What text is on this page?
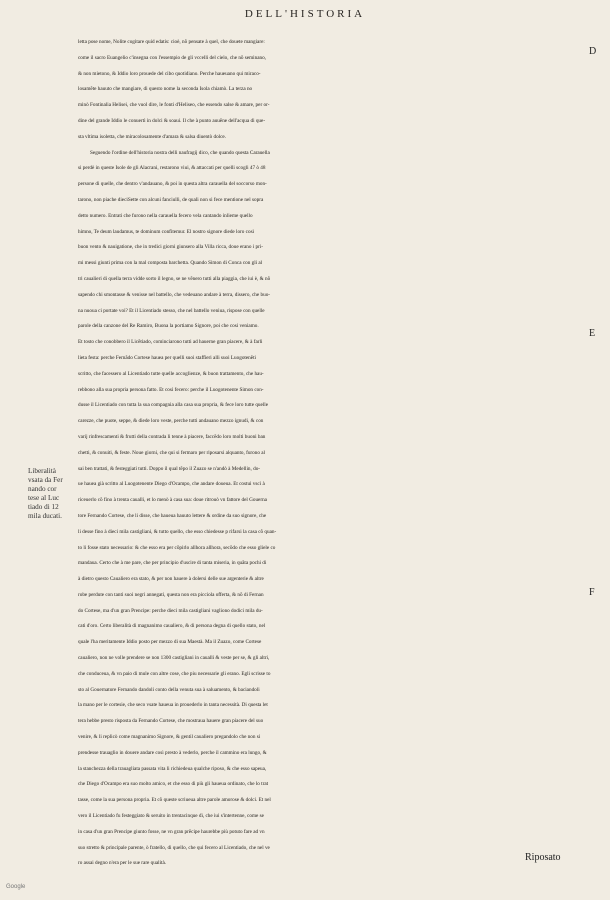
DELL'HISTORIA
D
E
F
Liberalità
vsata da Fer
nando cor
tese al Luc
tiado di 12
mila ducati.
letta pose nome, Nolite cogitare quid edatis: cioè, nõ pensate à quel, che douete mangiare:
come il sacro Euangelio c'insegna con l'essempio de gli vccelli del cielo, che nõ seminano,
& non mietono, & Iddio loro prouede del cibo quotidiano. Perche haueuano qui miraco-
losamẽte hauuto che mangiare, di questo nome la seconda Isola chiamò. La terza no
minò Fontinalia Helisei, che vuol dire, le fonti d'Heliseo, che essendo salse & amare, per or-
dine del grande Iddio le conuertì in dolci & soaui. Il che à punto auuẽne dell'acqua di que-
sta vltima isoletta, che miracolosamente d'amara & salsa diuentò dolce.
Seguendo l'ordine dell'historia nostra delli naufragij dico, che quando questa Carauella
si perdè in queste Isole de gli Alacrani, restarono viui, & attaccati per quelli scogli 47 ò 48
persone di quelle, che dentro v'andauano, & poi in questa altra carauella del soccorso mon-
tarono, non piache dieciSette con alcuni fanciulli, de quali non si fece mentione nel sopra
detto numero. Entrati che furono nella carauella fecero vela cantando inlieme quello
himno, Te deum laudamus, te dominum confitemur. El nostro signore diede loro così
buon vento & nauigatione, che in tredici giorni giunsero alla Villa ricca, doue erano i pri-
mi messi giunti prima con la mal composta barchetta. Quando Simon di Conca con gli al
tri caualieri di quella terra vidde sorto il legno, se ne vẽnero tutti alla piaggia, che iui è, & nõ
sapendo chi smontasse & venisse nel battello, che vedeuano andare à terra, dissero, che buo-
na nuoua ci portate voi? Et il Licentiado stesso, che nel battello veniua, rispose con quelle
parole della canzone del Re Ramiro, Buona la portiamo Signore, poi che cosi veniamo.
Et tosto che conobbero il Licẽtiado, cominciarono tutti ad hauerne gran piacere, & à farli
lieta festa: perche Fernãdo Cortese hauea per quelli suoi staffieri alli suoi Luogotenẽti
scritto, che facessero al Licentiado tutte quelle accoglienze, & buon trattamento, che hau-
rebbono alla sua propria persona fatto. Et così fecero: perche il Luogotenente Simon con-
dusse il Licentiado con tutta la sua compagnia alla casa sua propria, & fece loro tutte quelle
carezze, che puote, seppe, & diede loro veste, perche tutti andauano mezzo ignudi, & con
varij rinfrescamenti & frutti della contrada li tenne à piacere, faccẽdo loro molti buoni ban
chetti, & conuiti, & feste. Noue giorni, che qui si fermaro per riposarsi alquanto, furono al
sai ben trattati, & festeggiati tutti. Doppo il qual tẽpo il Zuazo se n'andò à Medellin, do-
ue hauea già scritto al Luogotenente Diego d'Ocampo, che andare doueua. Et costui vscì à
riceuerlo cõ fino à trenta caualli, et lo menò à casa sua: doue ritrouò vn fattore del Gouerna
tore Fernando Cortese, che li disse, che haueua hauuto lettere & ordine da suo signore, che
li desse fino à dieci mila castigliani, & tutto quello, che esso chiedesse p rifarsi la casa cõ quan-
to li fosse stato necessario: & che esso era per cõpirlo allhora allhora, secõdo che esso gliele co
mandaua. Certo che à me pare, che per principio d'uscire di tanta miseria, in quãta pochi di
à dietro questo Caualiero era stato, & per non hauere à dolersi delle sue argenterie & altre
robe perdute con tanti suoi negri annegati, questa non era picciola offerta, & nõ di Fernan
do Cortese, ma d'un gran Prencipe: perche dieci mila castigliani vagliono dodici mila du-
cati d'oro. Certo liberalità di magnanimo caualiero, & di persona degna di quello stato, nel
quale l'ha meritamente Iddio posto per mezzo di sua Maestà. Ma il Zuazo, come Cortese
caualiero, non ne volle prendere se non 1300 castigliani in caualli & veste per se, & gli altri,
che conduceua, & vn paio di mule con altre cose, che piu necessarie gli erano. Egli scrisse to
sto al Gouernatore Fernando dandoli conto della venuta sua à saluamento, & baciandoli
la mano per le cortesie, che seco vsate haueua in prouederlo in tanta necessità. Di questa let
tera hebbe presto risposta da Fernando Cortese, che mostraua hauere gran piacere del suo
venire, & li replicò come magnanimo Signore, & gentil caualiero pregandolo che non si
prendesse trauaglio in douere andare così presto à vederlo, perche il cammino era lungo, &
la stanchezza della trauagliata passata vita li richiedeua qualche riposo, & che esso sapeua,
che Diego d'Ocampo era suo molto amico, et che esso di più gli haueua ordinato, che lo trat
tasse, come la sua persona propria. Et cõ queste scriueua altre parole amorose & dolci. Et nel
vero il Licentiado fu festeggiato & seruito in trentacinque dì, che iui s'intertenne, come se
in casa d'un gran Prencipe giunto fosse, ne vn gran prẽcipe haurebbe più potuto fare ad vn
suo stretto & principale parente, ò fratello, di quello, che qui fecero al Licentiado, che nel ve
ro assai degno n'era per le sue rare qualità.
Riposato
Google
